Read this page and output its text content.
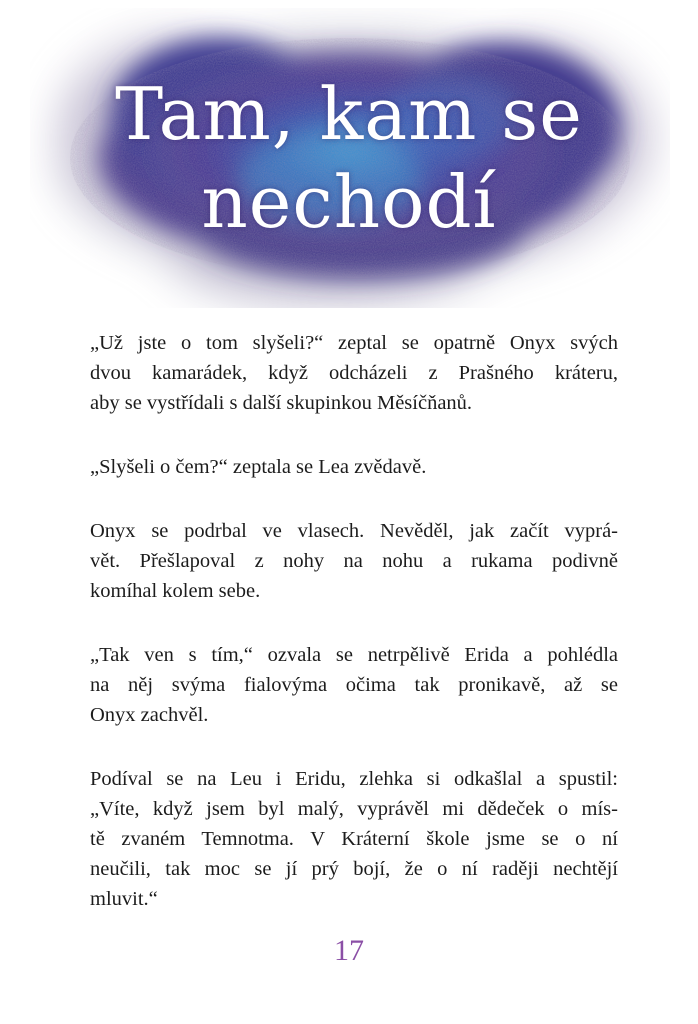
Tam, kam se
nechodí

„Už jste o tom slyšeli?“ zeptal se opatrně Onyx svých
dvou kamarádek, když odcházeli z Prašného kráteru,
aby se vystřídali s další skupinkou Měsíčňanů.

„Slyšeli o čem?“ zeptala se Lea zvědavě.

Onyx se podrbal ve vlasech. Nevěděl, jak začít vyprá-
vět. Přešlapoval z nohy na nohu a rukama podivně
komíhal kolem sebe.

„Tak ven s tím,“ ozvala se netrpělivě Erida a pohlédla
na něj svýma fialovýma očima tak pronikavě, až se
Onyx zachvěl.

Podíval se na Leu i Eridu, zlehka si odkašlal a spustil:
„Víte, když jsem byl malý, vyprávěl mi dědeček o mís-
tě zvaném Temnotma. V Kráterní škole jsme se o ní
neučili, tak moc se jí prý bojí, že o ní raději nechtějí
mluvit.“

17
